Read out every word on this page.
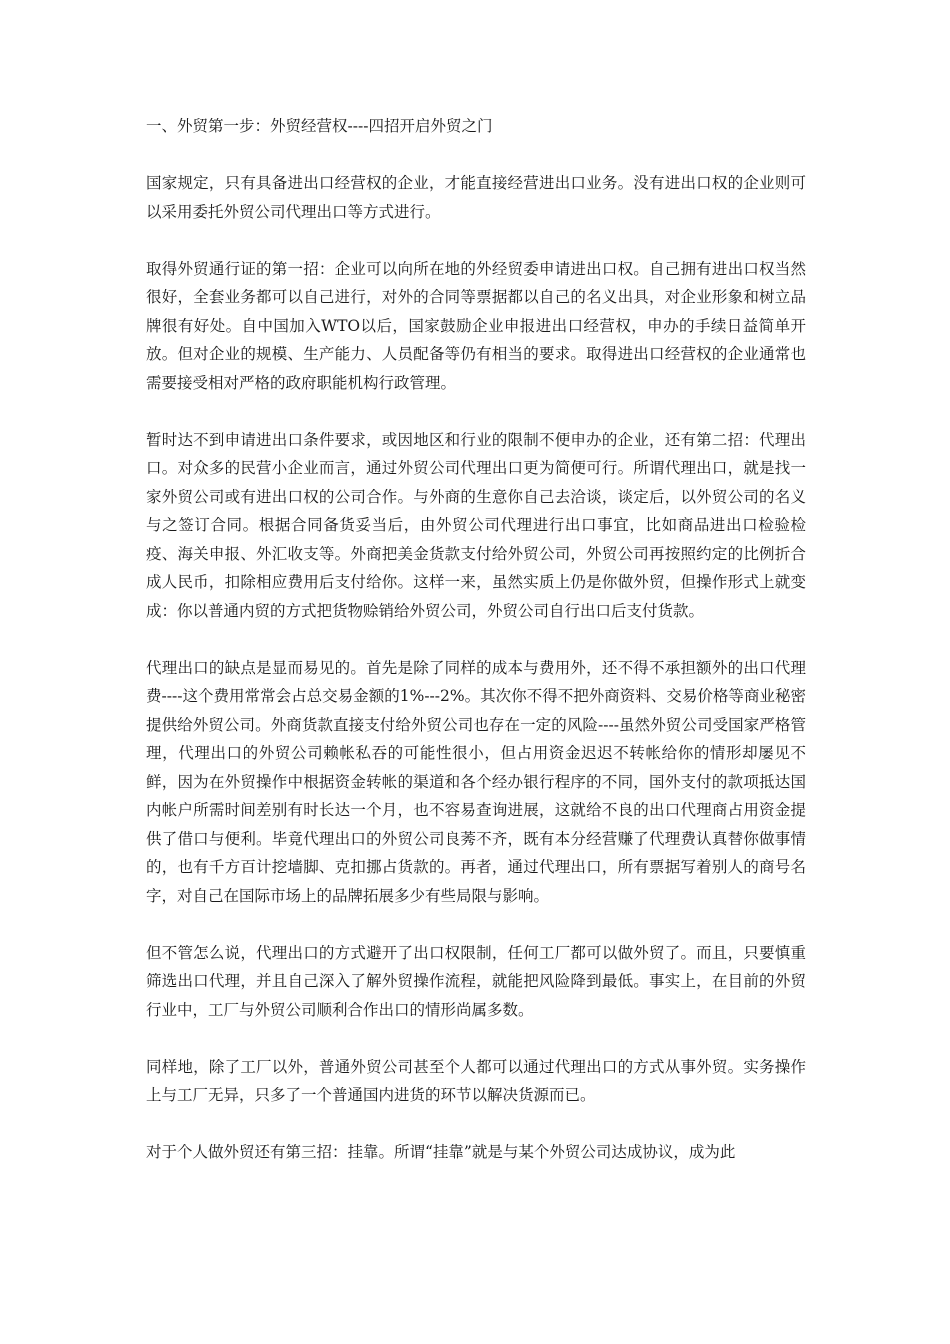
一、外贸第一步：外贸经营权----四招开启外贸之门

国家规定，只有具备进出口经营权的企业，才能直接经营进出口业务。没有进出口权的企业则可以采用委托外贸公司代理出口等方式进行。

取得外贸通行证的第一招：企业可以向所在地的外经贸委申请进出口权。自己拥有进出口权当然很好，全套业务都可以自己进行，对外的合同等票据都以自己的名义出具，对企业形象和树立品牌很有好处。自中国加入WTO以后，国家鼓励企业申报进出口经营权，申办的手续日益简单开放。但对企业的规模、生产能力、人员配备等仍有相当的要求。取得进出口经营权的企业通常也需要接受相对严格的政府职能机构行政管理。

暂时达不到申请进出口条件要求，或因地区和行业的限制不便申办的企业，还有第二招：代理出口。对众多的民营小企业而言，通过外贸公司代理出口更为简便可行。所谓代理出口，就是找一家外贸公司或有进出口权的公司合作。与外商的生意你自己去洽谈，谈定后，以外贸公司的名义与之签订合同。根据合同备货妥当后，由外贸公司代理进行出口事宜，比如商品进出口检验检疫、海关申报、外汇收支等。外商把美金货款支付给外贸公司，外贸公司再按照约定的比例折合成人民币，扣除相应费用后支付给你。这样一来，虽然实质上仍是你做外贸，但操作形式上就变成：你以普通内贸的方式把货物赊销给外贸公司，外贸公司自行出口后支付货款。

代理出口的缺点是显而易见的。首先是除了同样的成本与费用外，还不得不承担额外的出口代理费----这个费用常常会占总交易金额的1%---2%。其次你不得不把外商资料、交易价格等商业秘密提供给外贸公司。外商货款直接支付给外贸公司也存在一定的风险----虽然外贸公司受国家严格管理，代理出口的外贸公司赖帐私吞的可能性很小，但占用资金迟迟不转帐给你的情形却屡见不鲜，因为在外贸操作中根据资金转帐的渠道和各个经办银行程序的不同，国外支付的款项抵达国内帐户所需时间差别有时长达一个月，也不容易查询进展，这就给不良的出口代理商占用资金提供了借口与便利。毕竟代理出口的外贸公司良莠不齐，既有本分经营赚了代理费认真替你做事情的，也有千方百计挖墙脚、克扣挪占货款的。再者，通过代理出口，所有票据写着别人的商号名字，对自己在国际市场上的品牌拓展多少有些局限与影响。

但不管怎么说，代理出口的方式避开了出口权限制，任何工厂都可以做外贸了。而且，只要慎重筛选出口代理，并且自己深入了解外贸操作流程，就能把风险降到最低。事实上，在目前的外贸行业中，工厂与外贸公司顺利合作出口的情形尚属多数。

同样地，除了工厂以外，普通外贸公司甚至个人都可以通过代理出口的方式从事外贸。实务操作上与工厂无异，只多了一个普通国内进货的环节以解决货源而已。

对于个人做外贸还有第三招：挂靠。所谓“挂靠”就是与某个外贸公司达成协议，成为此
